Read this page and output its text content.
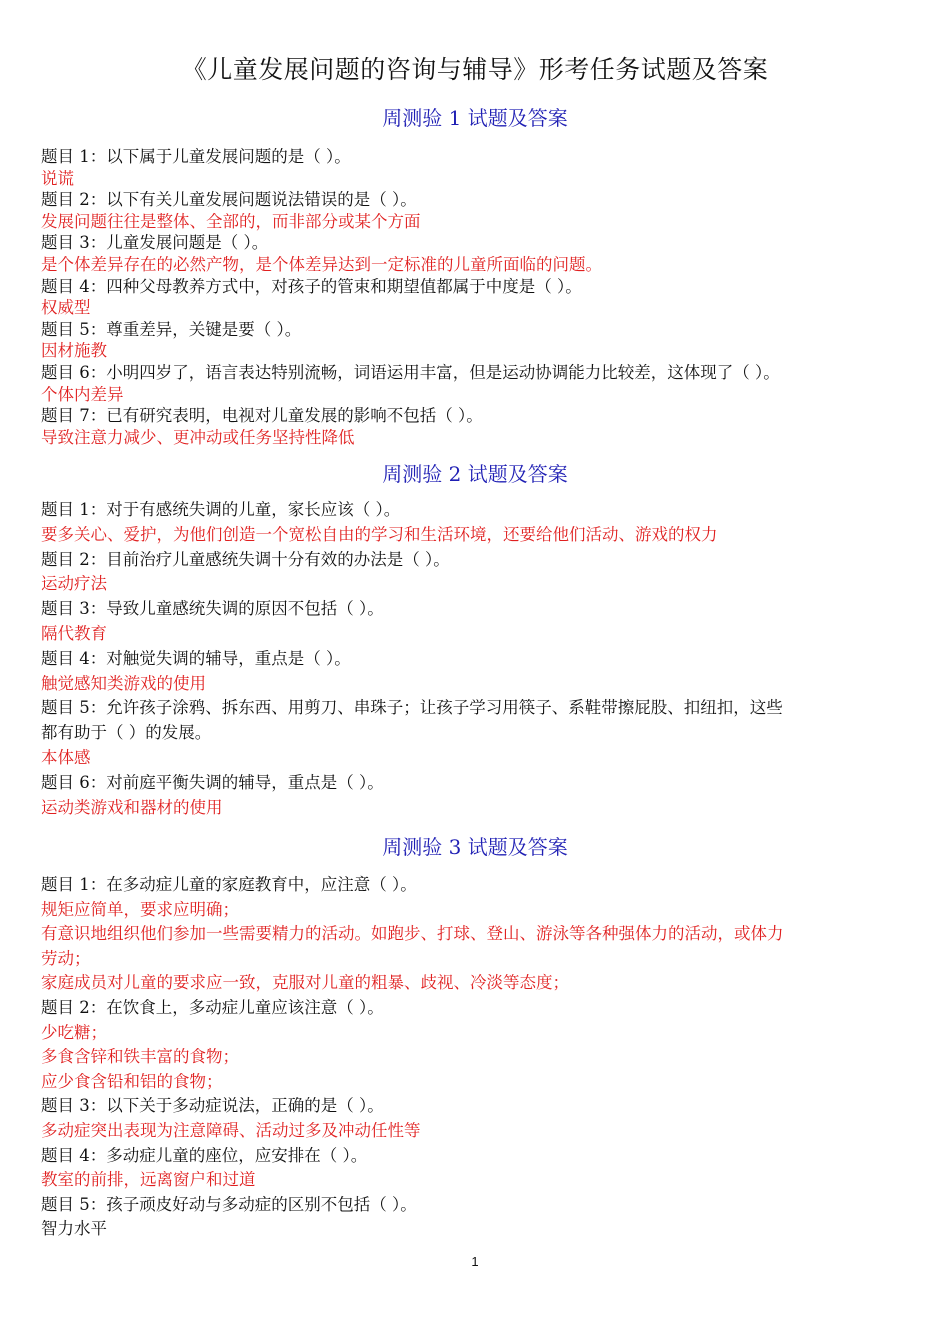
《儿童发展问题的咨询与辅导》形考任务试题及答案
周测验 1 试题及答案
题目 1：以下属于儿童发展问题的是（ ）。
说谎
题目 2：以下有关儿童发展问题说法错误的是（ ）。
发展问题往往是整体、全部的，而非部分或某个方面
题目 3：儿童发展问题是（ ）。
是个体差异存在的必然产物，是个体差异达到一定标准的儿童所面临的问题。
题目 4：四种父母教养方式中，对孩子的管束和期望值都属于中度是（ ）。
权威型
题目 5：尊重差异，关键是要（ ）。
因材施教
题目 6：小明四岁了，语言表达特别流畅，词语运用丰富，但是运动协调能力比较差，这体现了（ ）。
个体内差异
题目 7：已有研究表明，电视对儿童发展的影响不包括（ ）。
导致注意力减少、更冲动或任务坚持性降低
周测验 2 试题及答案
题目 1：对于有感统失调的儿童，家长应该（ ）。
要多关心、爱护，为他们创造一个宽松自由的学习和生活环境，还要给他们活动、游戏的权力
题目 2：目前治疗儿童感统失调十分有效的办法是（ ）。
运动疗法
题目 3：导致儿童感统失调的原因不包括（ ）。
隔代教育
题目 4：对触觉失调的辅导，重点是（ ）。
触觉感知类游戏的使用
题目 5：允许孩子涂鸦、拆东西、用剪刀、串珠子；让孩子学习用筷子、系鞋带擦屁股、扣纽扣，这些
都有助于（ ）的发展。
本体感
题目 6：对前庭平衡失调的辅导，重点是（ ）。
运动类游戏和器材的使用
周测验 3 试题及答案
题目 1：在多动症儿童的家庭教育中，应注意（ ）。
规矩应简单，要求应明确；
有意识地组织他们参加一些需要精力的活动。如跑步、打球、登山、游泳等各种强体力的活动，或体力
劳动；
家庭成员对儿童的要求应一致，克服对儿童的粗暴、歧视、冷淡等态度；
题目 2：在饮食上，多动症儿童应该注意（ ）。
少吃糖；
多食含锌和铁丰富的食物；
应少食含铅和铝的食物；
题目 3：以下关于多动症说法，正确的是（ ）。
多动症突出表现为注意障碍、活动过多及冲动任性等
题目 4：多动症儿童的座位，应安排在（ ）。
教室的前排，远离窗户和过道
题目 5：孩子顽皮好动与多动症的区别不包括（ ）。
智力水平
1
